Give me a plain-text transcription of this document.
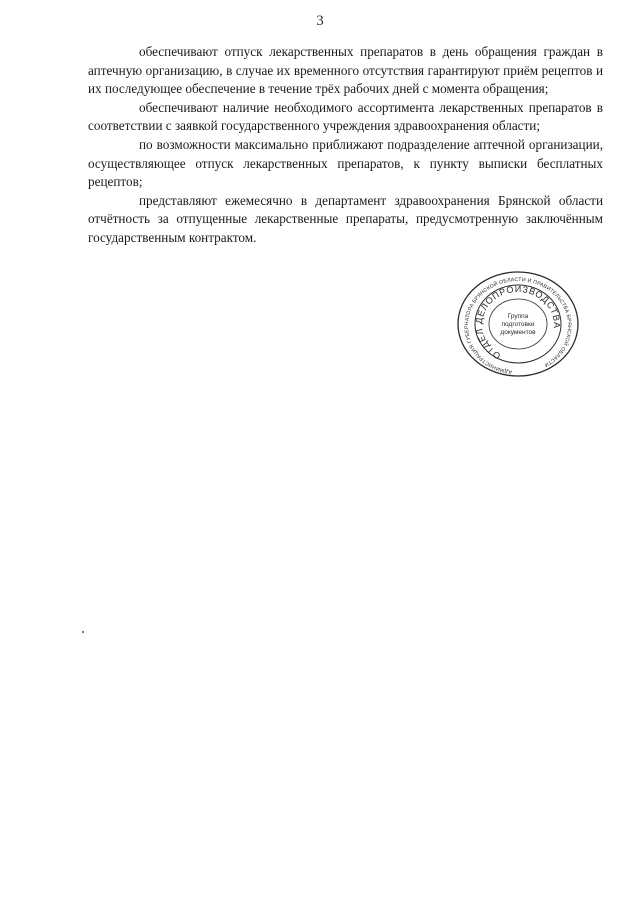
3

обеспечивают отпуск лекарственных препаратов в день обращения граждан в аптечную организацию, в случае их временного отсутствия гарантируют приём рецептов и их последующее обеспечение в течение трёх рабочих дней с момента обращения;

обеспечивают наличие необходимого ассортимента лекарственных препаратов в соответствии с заявкой государственного учреждения здравоохранения области;

по возможности максимально приближают подразделение аптечной организации, осуществляющее отпуск лекарственных препаратов, к пункту выписки бесплатных рецептов;

представляют ежемесячно в департамент здравоохранения Брянской области отчётность за отпущенные лекарственные препараты, предусмотренную заключённым государственным контрактом.

АДМИНИСТРАЦИЯ ГУБЕРНАТОРА БРЯНСКОЙ ОБЛАСТИ И ПРАВИТЕЛЬСТВА БРЯНСКОЙ ОБЛАСТИ
ОТДЕЛ ДЕЛОПРОИЗВОДСТВА
Группа
подготовки
документов
